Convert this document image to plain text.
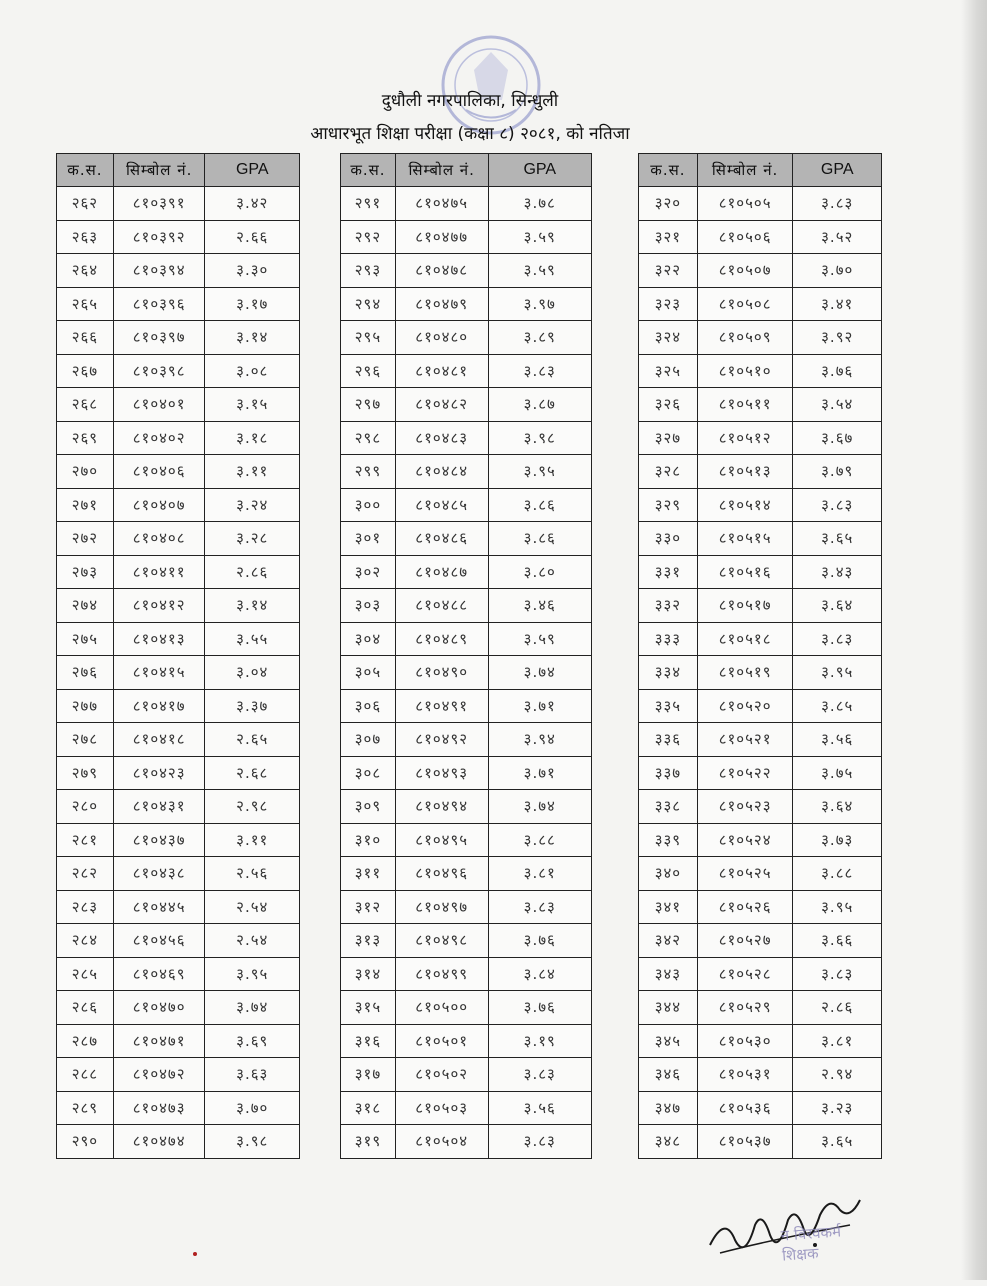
दुधौली नगरपालिका, सिन्धुली
आधारभूत शिक्षा परीक्षा (कक्षा ८) २०८१, को नतिजा
क.स.	सिम्बोल नं.	GPA
२६२	८१०३९१	३.४२
२६३	८१०३९२	२.६६
२६४	८१०३९४	३.३०
२६५	८१०३९६	३.१७
२६६	८१०३९७	३.१४
२६७	८१०३९८	३.०८
२६८	८१०४०१	३.१५
२६९	८१०४०२	३.१८
२७०	८१०४०६	३.११
२७१	८१०४०७	३.२४
२७२	८१०४०८	३.२८
२७३	८१०४११	२.८६
२७४	८१०४१२	३.१४
२७५	८१०४१३	३.५५
२७६	८१०४१५	३.०४
२७७	८१०४१७	३.३७
२७८	८१०४१८	२.६५
२७९	८१०४२३	२.६८
२८०	८१०४३१	२.९८
२८१	८१०४३७	३.११
२८२	८१०४३८	२.५६
२८३	८१०४४५	२.५४
२८४	८१०४५६	२.५४
२८५	८१०४६९	३.९५
२८६	८१०४७०	३.७४
२८७	८१०४७१	३.६९
२८८	८१०४७२	३.६३
२८९	८१०४७३	३.७०
२९०	८१०४७४	३.९८
क.स.	सिम्बोल नं.	GPA
२९१	८१०४७५	३.७८
२९२	८१०४७७	३.५९
२९३	८१०४७८	३.५९
२९४	८१०४७९	३.९७
२९५	८१०४८०	३.८९
२९६	८१०४८१	३.८३
२९७	८१०४८२	३.८७
२९८	८१०४८३	३.९८
२९९	८१०४८४	३.९५
३००	८१०४८५	३.८६
३०१	८१०४८६	३.८६
३०२	८१०४८७	३.८०
३०३	८१०४८८	३.४६
३०४	८१०४८९	३.५९
३०५	८१०४९०	३.७४
३०६	८१०४९१	३.७१
३०७	८१०४९२	३.९४
३०८	८१०४९३	३.७१
३०९	८१०४९४	३.७४
३१०	८१०४९५	३.८८
३११	८१०४९६	३.८१
३१२	८१०४९७	३.८३
३१३	८१०४९८	३.७६
३१४	८१०४९९	३.८४
३१५	८१०५००	३.७६
३१६	८१०५०१	३.१९
३१७	८१०५०२	३.८३
३१८	८१०५०३	३.५६
३१९	८१०५०४	३.८३
क.स.	सिम्बोल नं.	GPA
३२०	८१०५०५	३.८३
३२१	८१०५०६	३.५२
३२२	८१०५०७	३.७०
३२३	८१०५०८	३.४१
३२४	८१०५०९	३.९२
३२५	८१०५१०	३.७६
३२६	८१०५११	३.५४
३२७	८१०५१२	३.६७
३२८	८१०५१३	३.७९
३२९	८१०५१४	३.८३
३३०	८१०५१५	३.६५
३३१	८१०५१६	३.४३
३३२	८१०५१७	३.६४
३३३	८१०५१८	३.८३
३३४	८१०५१९	३.९५
३३५	८१०५२०	३.८५
३३६	८१०५२१	३.५६
३३७	८१०५२२	३.७५
३३८	८१०५२३	३.६४
३३९	८१०५२४	३.७३
३४०	८१०५२५	३.८८
३४१	८१०५२६	३.९५
३४२	८१०५२७	३.६६
३४३	८१०५२८	३.८३
३४४	८१०५२९	२.८६
३४५	८१०५३०	३.८१
३४६	८१०५३१	२.९४
३४७	८१०५३६	३.२३
३४८	८१०५३७	३.६५
न विरवकर्म
शिक्षक
